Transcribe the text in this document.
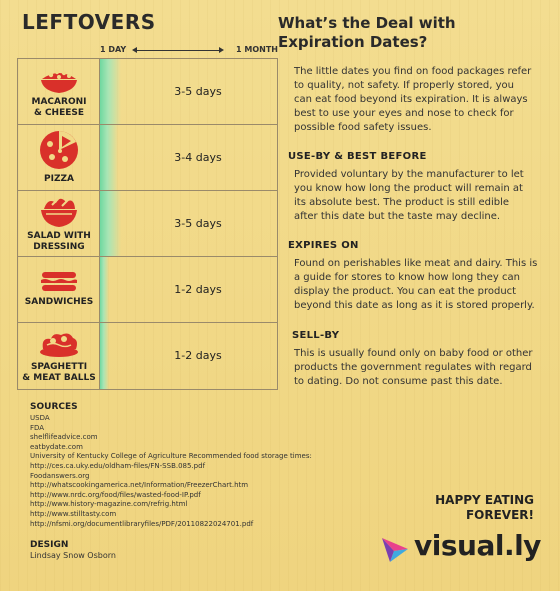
LEFTOVERS
1 DAY	1 MONTH
MACARONI
& CHEESE
3-5 days
PIZZA
3-4 days
SALAD WITH
DRESSING
3-5 days
SANDWICHES
1-2 days
SPAGHETTI
& MEAT BALLS
1-2 days
What’s the Deal with
Expiration Dates?
The little dates you find on food packages refer to quality, not safety. If properly stored, you can eat food beyond its expiration. It is always best to use your eyes and nose to check for possible food safety issues.
USE-BY & BEST BEFORE
Provided voluntary by the manufacturer to let you know how long the product will remain at its absolute best. The product is still edible after this date but the taste may decline.
EXPIRES ON
Found on perishables like meat and dairy. This is a guide for stores to know how long they can display the product. You can eat the product beyond this date as long as it is stored properly.
SELL-BY
This is usually found only on baby food or other products the government regulates with regard to dating. Do not consume past this date.
SOURCES
USDA
FDA
shelflifeadvice.com
eatbydate.com
University of Kentucky College of Agriculture Recommended food storage times:
http://ces.ca.uky.edu/oldham-files/FN-SSB.085.pdf
Foodanswers.org
http://whatscookingamerica.net/Information/FreezerChart.htm
http://www.nrdc.org/food/files/wasted-food-IP.pdf
http://www.history-magazine.com/refrig.html
http://www.stilltasty.com
http://nfsmi.org/documentlibraryfiles/PDF/20110822024701.pdf
DESIGN
Lindsay Snow Osborn
HAPPY EATING
FOREVER!
visual.ly
